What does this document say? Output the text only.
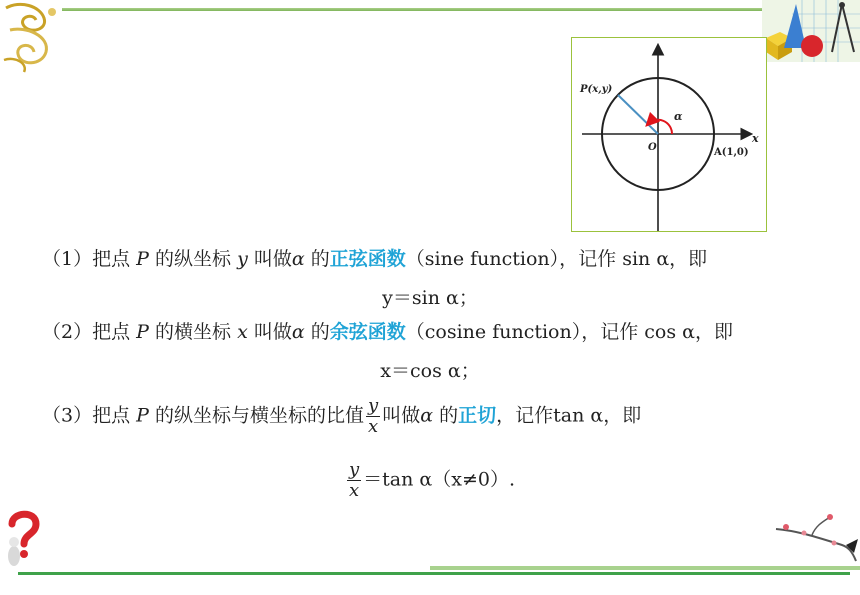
P(x,y)
O	A(1,0)
α
x
（1）把点 P 的纵坐标 y 叫做α 的正弦函数（sine function），记作 sin α，即
y＝sin α；
（2）把点 P 的横坐标 x 叫做α 的余弦函数（cosine function），记作 cos α，即
x＝cos α；
（3）把点 P 的纵坐标与横坐标的比值 $\frac{y}{x}$ 叫做α 的正切，记作tan α，即
$\frac{y}{x} =\tan$ α（x≠0）.
